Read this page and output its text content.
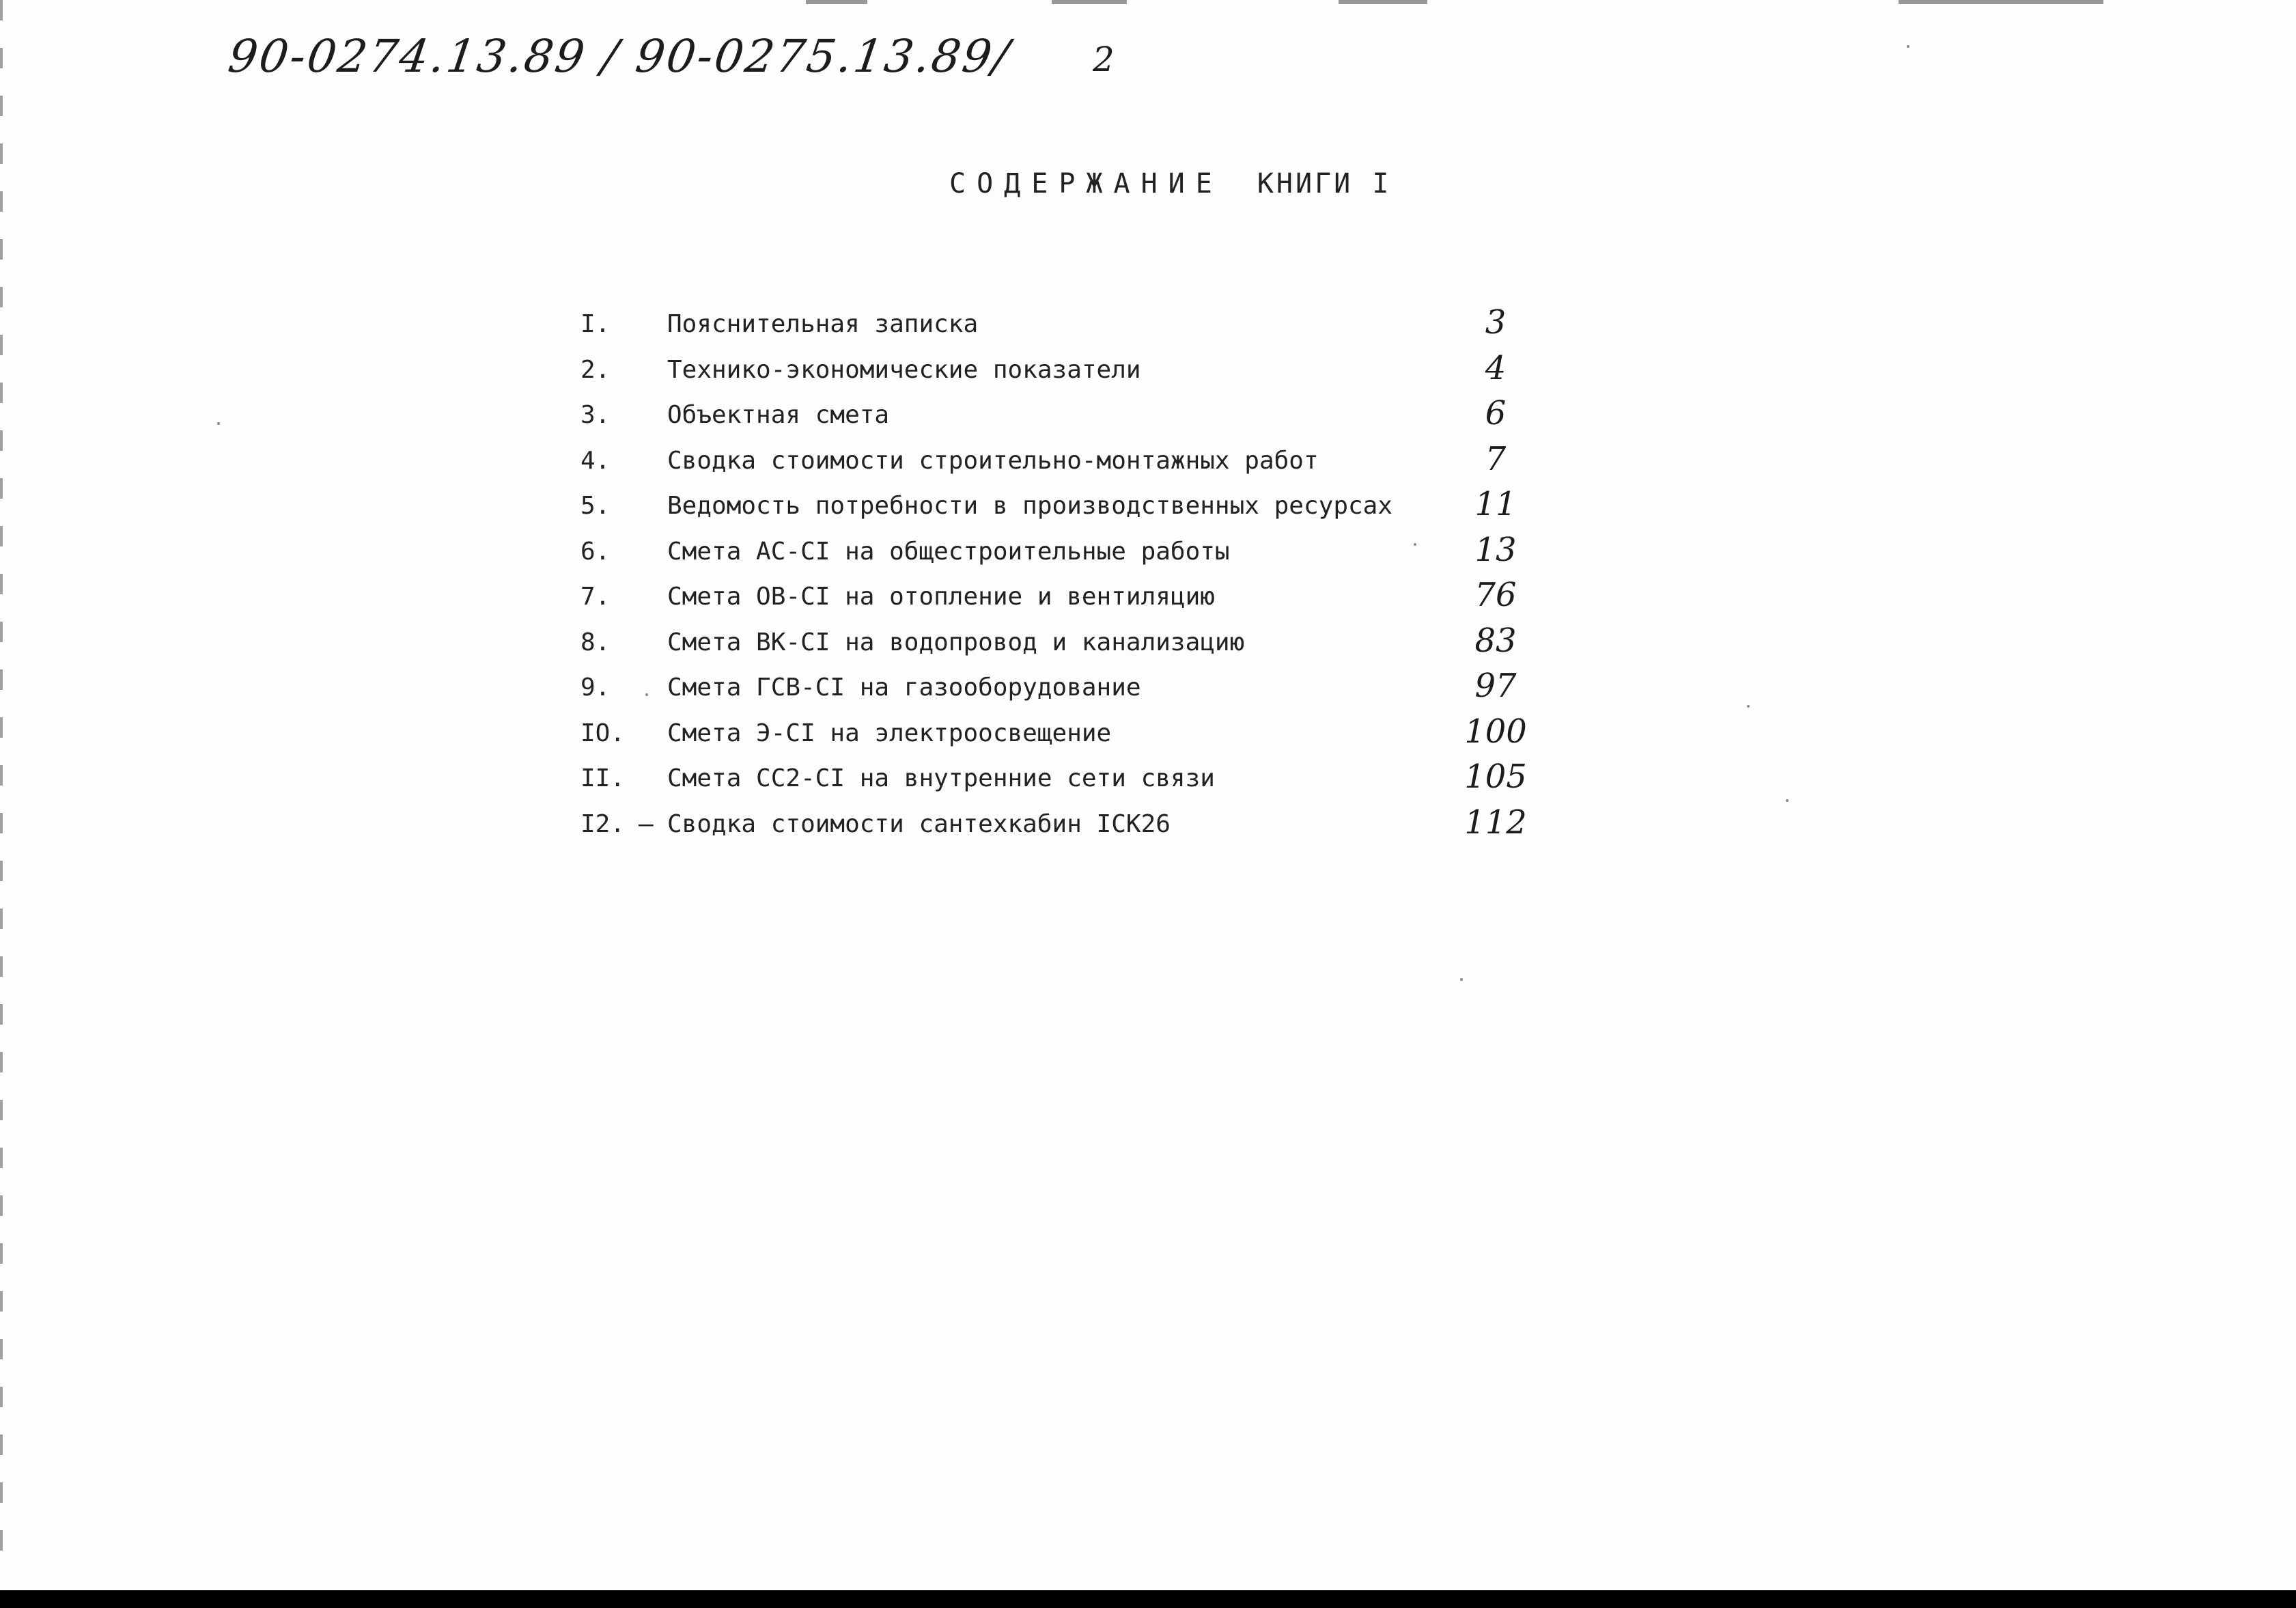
90-0274.13.89 / 90-0275.13.89/ 2
СОДЕРЖАНИЕ КНИГИ I
I. Пояснительная записка	3
2. Технико-экономические показатели	4
3. Объектная смета	6
4. Сводка стоимости строительно-монтажных работ	7
5. Ведомость потребности в производственных ресурсах	11
6. Смета АС-СI на общестроительные работы	13
7. Смета ОВ-СI на отопление и вентиляцию	76
8. Смета ВК-СI на водопровод и канализацию	83
9. Смета ГСВ-СI на газооборудование	97
IO. Смета Э-СI на электроосвещение	100
II. Смета СС2-СI на внутренние сети связи	105
I2. – Сводка стоимости сантехкабин ICK26	112
